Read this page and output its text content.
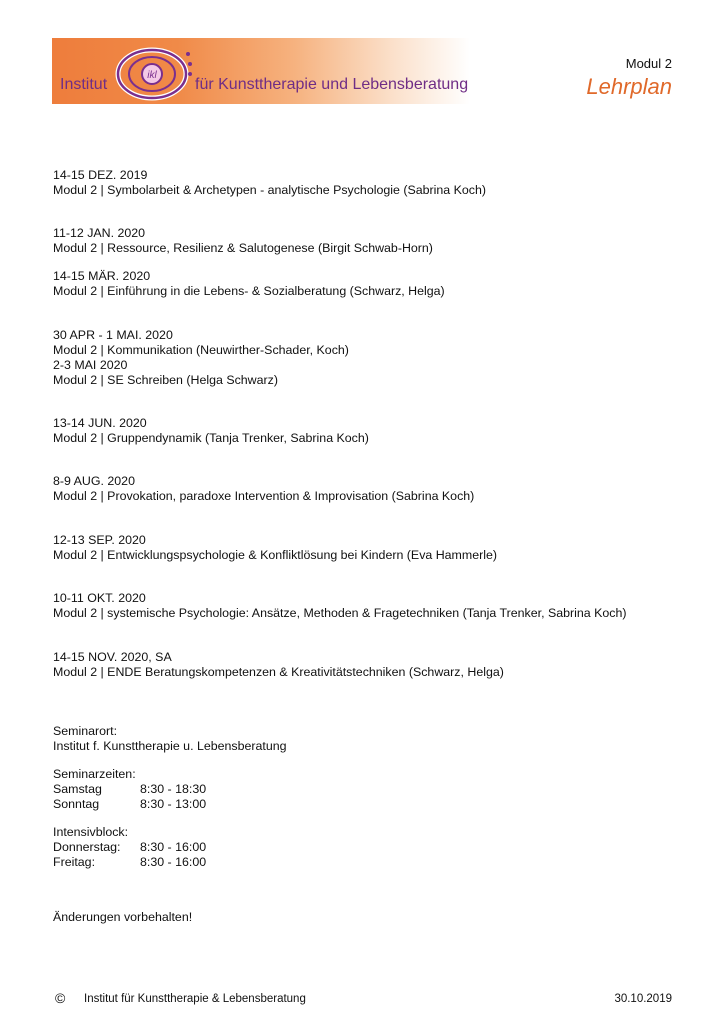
Institut
ikl
für Kunsttherapie und Lebensberatung
Modul 2
Lehrplan
14-15 DEZ. 2019
Modul 2 | Symbolarbeit & Archetypen - analytische Psychologie (Sabrina Koch)
11-12 JAN. 2020
Modul 2 | Ressource, Resilienz & Salutogenese (Birgit Schwab-Horn)
14-15 MÄR. 2020
Modul 2 | Einführung in die Lebens- & Sozialberatung (Schwarz, Helga)
30 APR - 1 MAI. 2020
Modul 2 | Kommunikation (Neuwirther-Schader, Koch)
2-3 MAI 2020
Modul 2 | SE Schreiben (Helga Schwarz)
13-14 JUN. 2020
Modul 2 | Gruppendynamik (Tanja Trenker, Sabrina Koch)
8-9 AUG. 2020
Modul 2 | Provokation, paradoxe Intervention & Improvisation (Sabrina Koch)
12-13 SEP. 2020
Modul 2 | Entwicklungspsychologie & Konfliktlösung bei Kindern (Eva Hammerle)
10-11 OKT. 2020
Modul 2 | systemische Psychologie: Ansätze, Methoden & Fragetechniken (Tanja Trenker, Sabrina Koch)
14-15 NOV. 2020, SA
Modul 2 | ENDE Beratungskompetenzen & Kreativitätstechniken (Schwarz, Helga)
Seminarort:
Institut f. Kunsttherapie u. Lebensberatung
Seminarzeiten:
Samstag	8:30 - 18:30
Sonntag	8:30 - 13:00
Intensivblock:
Donnerstag:	8:30 - 16:00
Freitag:	8:30 - 16:00
Änderungen vorbehalten!
© Institut für Kunsttherapie & Lebensberatung	30.10.2019
